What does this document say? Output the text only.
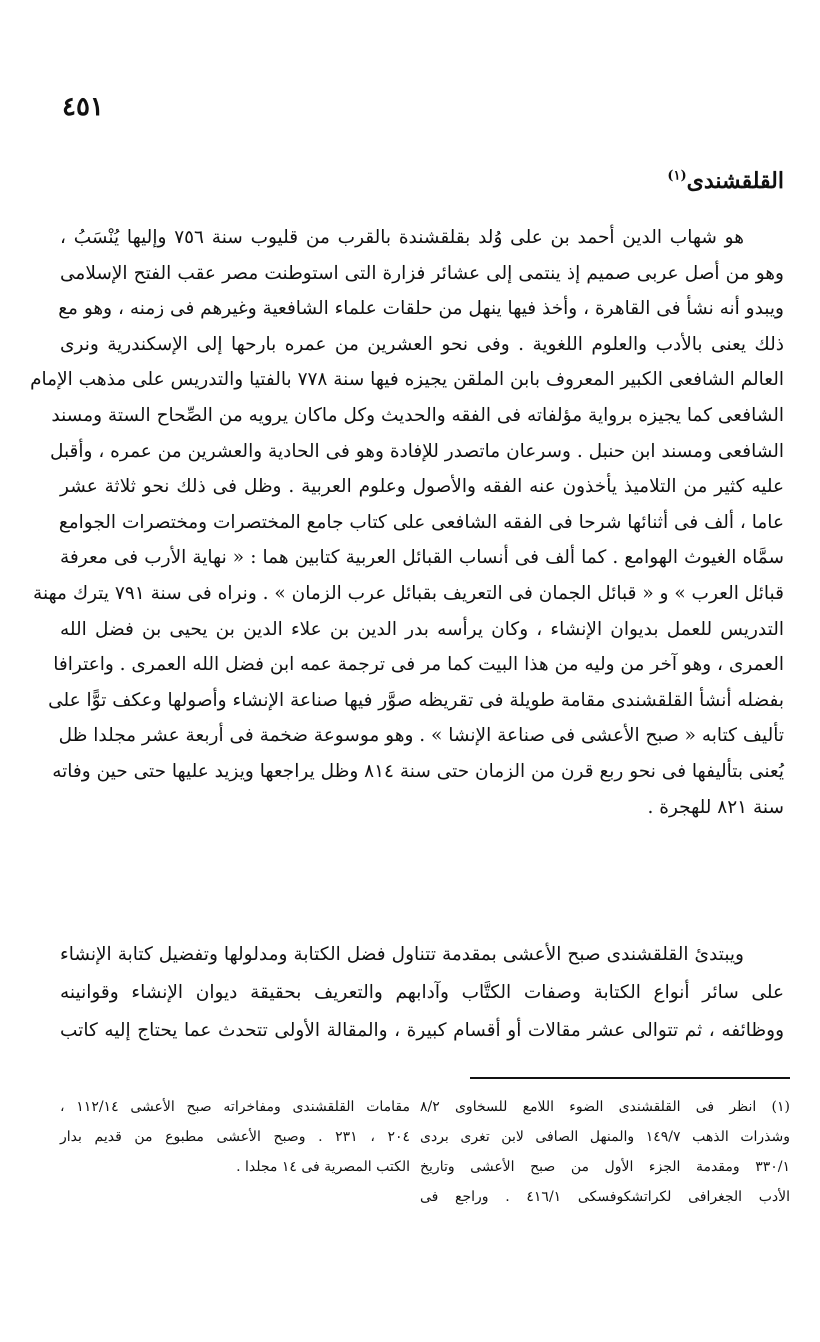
٤٥١
القلقشندى$^{(١)}$
هو شهاب الدين أحمد بن على وُلد بقلقشندة بالقرب من قليوب سنة ٧٥٦ وإليها يُنْسَبُ ،
وهو من أصل عربى صميم إذ ينتمى إلى عشائر فزارة التى استوطنت مصر عقب الفتح الإسلامى
ويبدو أنه نشأ فى القاهرة ، وأخذ فيها ينهل من حلقات علماء الشافعية وغيرهم فى زمنه ، وهو مع
ذلك يعنى بالأدب والعلوم اللغوية . وفى نحو العشرين من عمره بارحها إلى الإسكندرية ونرى
العالم الشافعى الكبير المعروف بابن الملقن يجيزه فيها سنة ٧٧٨ بالفتيا والتدريس على مذهب الإمام
الشافعى كما يجيزه برواية مؤلفاته فى الفقه والحديث وكل ماكان يرويه من الصِّحاح الستة ومسند
الشافعى ومسند ابن حنبل . وسرعان ماتصدر للإفادة وهو فى الحادية والعشرين من عمره ، وأقبل
عليه كثير من التلاميذ يأخذون عنه الفقه والأصول وعلوم العربية . وظل فى ذلك نحو ثلاثة عشر
عاما ، ألف فى أثنائها شرحا فى الفقه الشافعى على كتاب جامع المختصرات ومختصرات الجوامع
سمَّاه الغيوث الهوامع . كما ألف فى أنساب القبائل العربية كتابين هما : « نهاية الأرب فى معرفة
قبائل العرب » و « قبائل الجمان فى التعريف بقبائل عرب الزمان » . ونراه فى سنة ٧٩١ يترك مهنة
التدريس للعمل بديوان الإنشاء ، وكان يرأسه بدر الدين بن علاء الدين بن يحيى بن فضل الله
العمرى ، وهو آخر من وليه من هذا البيت كما مر فى ترجمة عمه ابن فضل الله العمرى . واعترافا
بفضله أنشأ القلقشندى مقامة طويلة فى تقريظه صوَّر فيها صناعة الإنشاء وأصولها وعكف توًّا على
تأليف كتابه « صبح الأعشى فى صناعة الإنشا » . وهو موسوعة ضخمة فى أربعة عشر مجلدا ظل
يُعنى بتأليفها فى نحو ربع قرن من الزمان حتى سنة ٨١٤ وظل يراجعها ويزيد عليها حتى حين وفاته
سنة ٨٢١ للهجرة .
ويبتدئ القلقشندى صبح الأعشى بمقدمة تتناول فضل الكتابة ومدلولها وتفضيل كتابة الإنشاء
على سائر أنواع الكتابة وصفات الكتَّاب وآدابهم والتعريف بحقيقة ديوان الإنشاء وقوانينه
ووظائفه ، ثم تتوالى عشر مقالات أو أقسام كبيرة ، والمقالة الأولى تتحدث عما يحتاج إليه كاتب
(١) انظر فى القلقشندى الضوء اللامع للسخاوى ٨/٢
وشذرات الذهب ١٤٩/٧ والمنهل الصافى لابن تغرى بردى
٣٣٠/١ ومقدمة الجزء الأول من صبح الأعشى وتاريخ
الأدب الجغرافى لكراتشكوفسكى ٤١٦/١ . وراجع فى
مقامات القلقشندى ومفاخراته صبح الأعشى ١١٢/١٤ ،
٢٠٤ ، ٢٣١ . وصبح الأعشى مطبوع من قديم بدار
الكتب المصرية فى ١٤ مجلدا .
